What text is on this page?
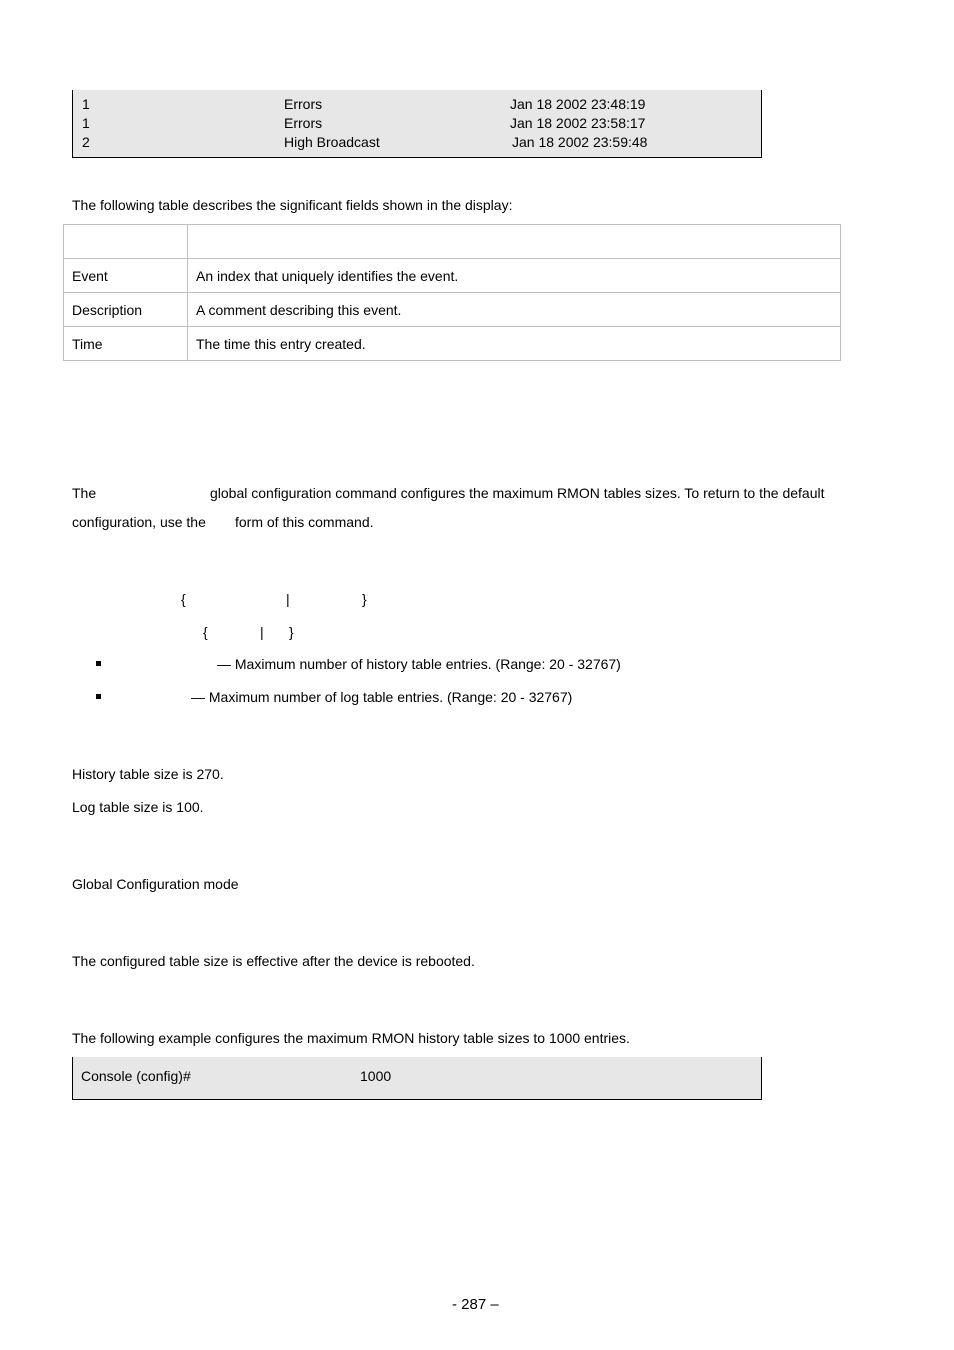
1	Errors	Jan 18 2002 23:48:19
1	Errors	Jan 18 2002 23:58:17
2	High Broadcast	Jan 18 2002 23:59:48
The following table describes the significant fields shown in the display:

Event	An index that uniquely identifies the event.
Description	A comment describing this event.
Time	The time this entry created.
The	global configuration command configures the maximum RMON tables sizes. To return to the default
configuration, use the form of this command.
{	|	}
{	| }
— Maximum number of history table entries. (Range: 20 - 32767)
— Maximum number of log table entries. (Range: 20 - 32767)
History table size is 270.
Log table size is 100.
Global Configuration mode
The configured table size is effective after the device is rebooted.
The following example configures the maximum RMON history table sizes to 1000 entries.
Console (config)#	1000
- 287 –
